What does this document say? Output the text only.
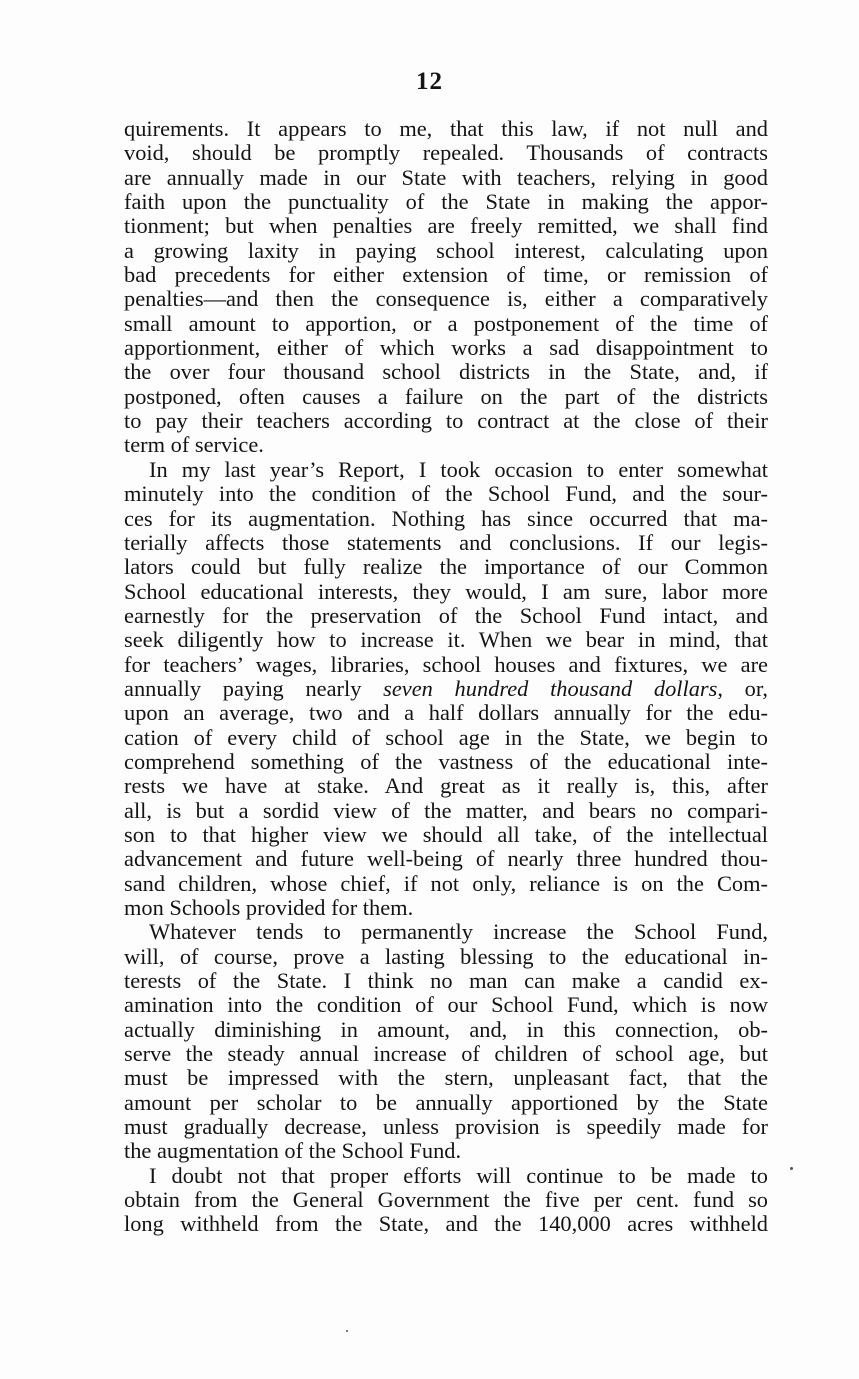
12
quirements. It appears to me, that this law, if not null and
void, should be promptly repealed. Thousands of contracts
are annually made in our State with teachers, relying in good
faith upon the punctuality of the State in making the appor-
tionment; but when penalties are freely remitted, we shall find
a growing laxity in paying school interest, calculating upon
bad precedents for either extension of time, or remission of
penalties—and then the consequence is, either a comparatively
small amount to apportion, or a postponement of the time of
apportionment, either of which works a sad disappointment to
the over four thousand school districts in the State, and, if
postponed, often causes a failure on the part of the districts
to pay their teachers according to contract at the close of their
term of service.
In my last year’s Report, I took occasion to enter somewhat
minutely into the condition of the School Fund, and the sour-
ces for its augmentation. Nothing has since occurred that ma-
terially affects those statements and conclusions. If our legis-
lators could but fully realize the importance of our Common
School educational interests, they would, I am sure, labor more
earnestly for the preservation of the School Fund intact, and
seek diligently how to increase it. When we bear in mind, that
for teachers’ wages, libraries, school houses and fixtures, we are
annually paying nearly seven hundred thousand dollars, or,
upon an average, two and a half dollars annually for the edu-
cation of every child of school age in the State, we begin to
comprehend something of the vastness of the educational inte-
rests we have at stake. And great as it really is, this, after
all, is but a sordid view of the matter, and bears no compari-
son to that higher view we should all take, of the intellectual
advancement and future well-being of nearly three hundred thou-
sand children, whose chief, if not only, reliance is on the Com-
mon Schools provided for them.
Whatever tends to permanently increase the School Fund,
will, of course, prove a lasting blessing to the educational in-
terests of the State. I think no man can make a candid ex-
amination into the condition of our School Fund, which is now
actually diminishing in amount, and, in this connection, ob-
serve the steady annual increase of children of school age, but
must be impressed with the stern, unpleasant fact, that the
amount per scholar to be annually apportioned by the State
must gradually decrease, unless provision is speedily made for
the augmentation of the School Fund.
I doubt not that proper efforts will continue to be made to
obtain from the General Government the five per cent. fund so
long withheld from the State, and the 140,000 acres withheld
